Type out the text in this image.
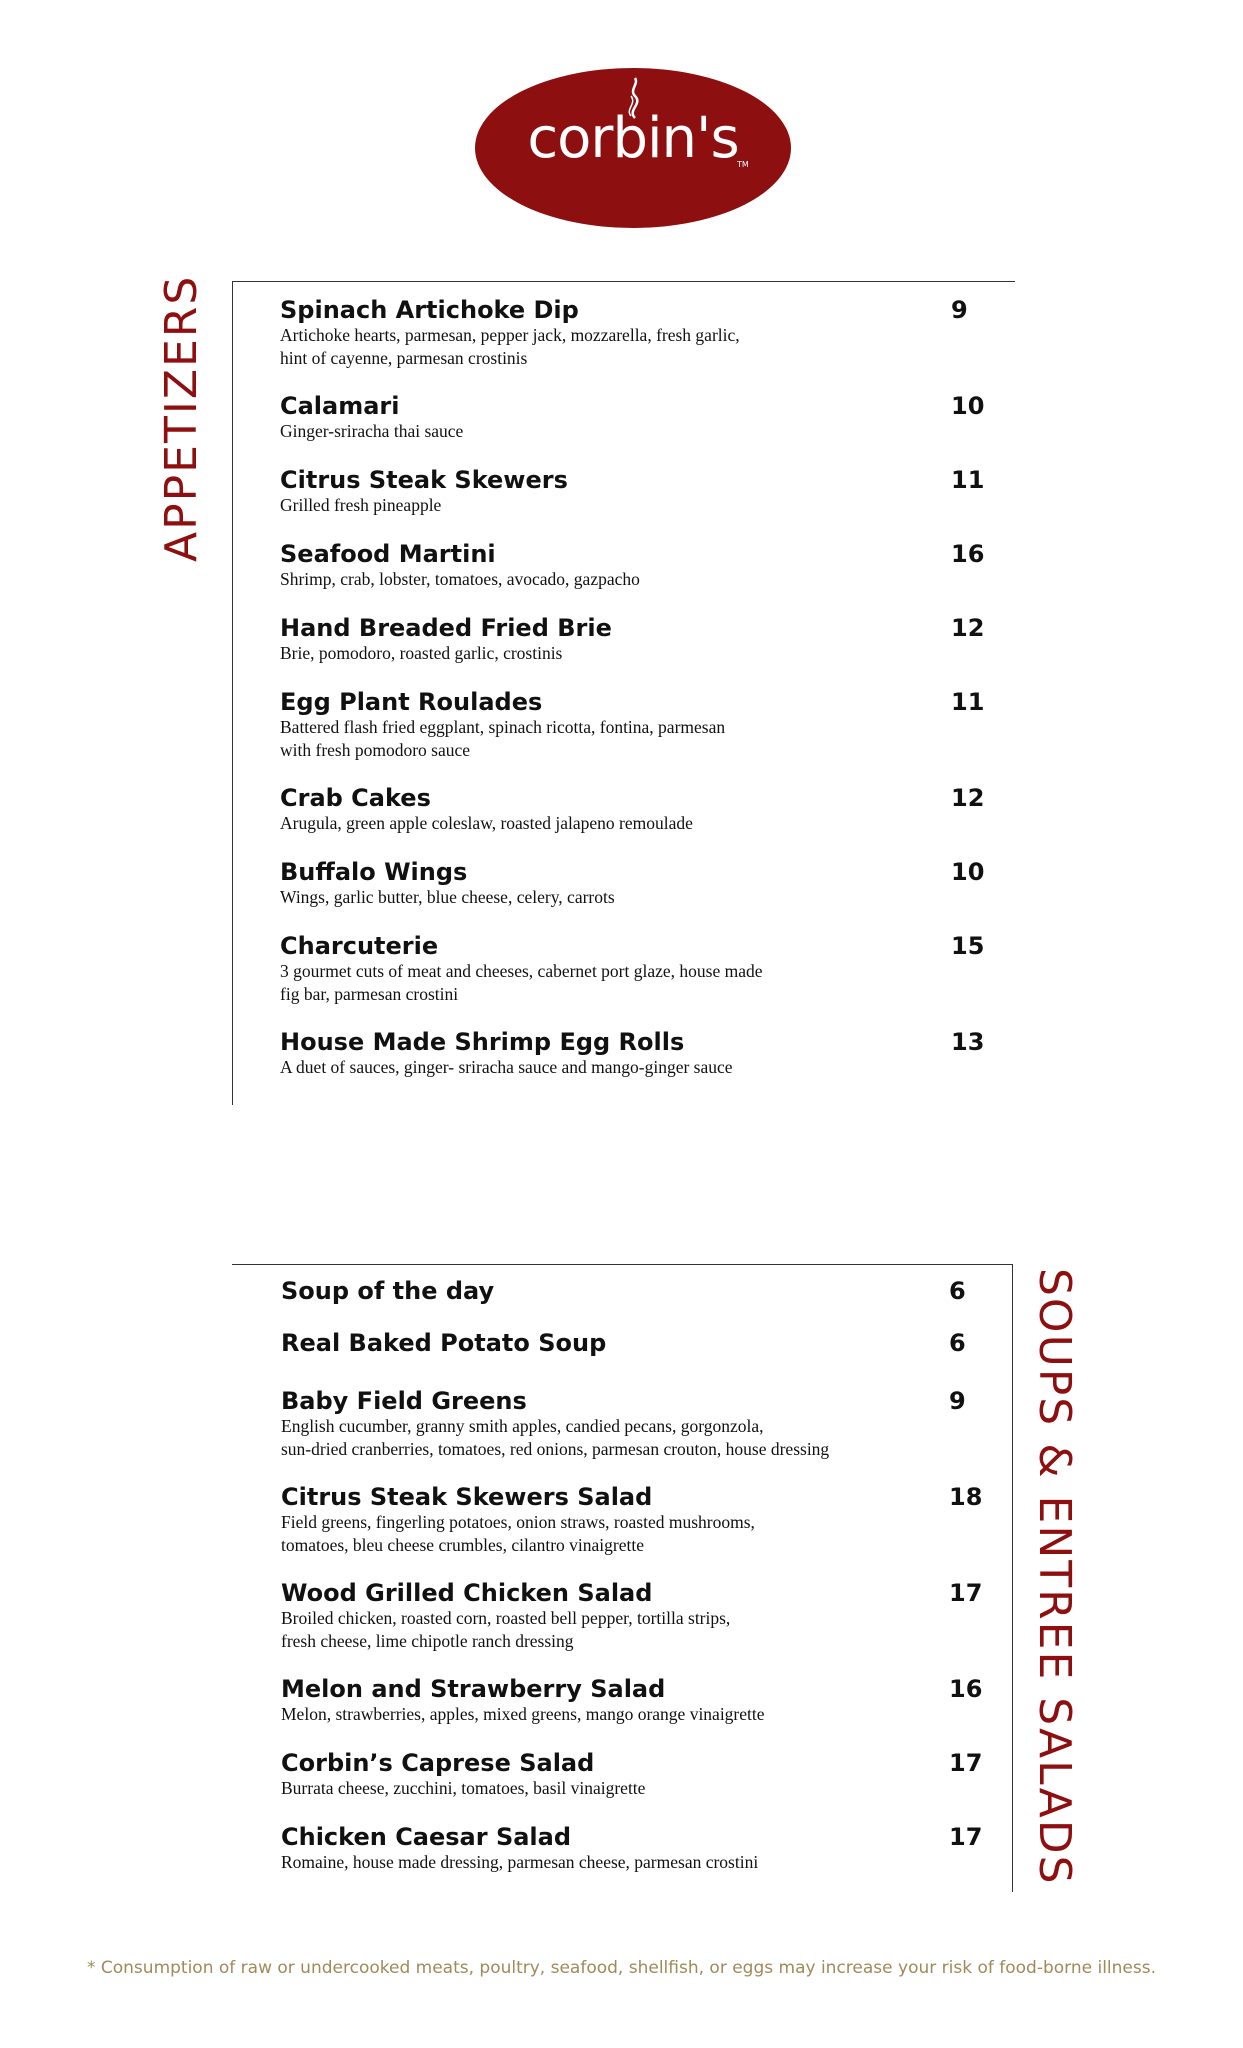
corbin's
TM
APPETIZERS
SOUPS & ENTREE SALADS
Spinach Artichoke Dip	9
Artichoke hearts, parmesan, pepper jack, mozzarella, fresh garlic,
hint of cayenne, parmesan crostinis
Calamari	10
Ginger-sriracha thai sauce
Citrus Steak Skewers	11
Grilled fresh pineapple
Seafood Martini	16
Shrimp, crab, lobster, tomatoes, avocado, gazpacho
Hand Breaded Fried Brie	12
Brie, pomodoro, roasted garlic, crostinis
Egg Plant Roulades	11
Battered flash fried eggplant, spinach ricotta, fontina, parmesan
with fresh pomodoro sauce
Crab Cakes	12
Arugula, green apple coleslaw, roasted jalapeno remoulade
Buffalo Wings	10
Wings, garlic butter, blue cheese, celery, carrots
Charcuterie	15
3 gourmet cuts of meat and cheeses, cabernet port glaze, house made
fig bar, parmesan crostini
House Made Shrimp Egg Rolls	13
A duet of sauces, ginger- sriracha sauce and mango-ginger sauce
Soup of the day	6
Real Baked Potato Soup	6
Baby Field Greens	9
English cucumber, granny smith apples, candied pecans, gorgonzola,
sun-dried cranberries, tomatoes, red onions, parmesan crouton, house dressing
Citrus Steak Skewers Salad	18
Field greens, fingerling potatoes, onion straws, roasted mushrooms,
tomatoes, bleu cheese crumbles, cilantro vinaigrette
Wood Grilled Chicken Salad	17
Broiled chicken, roasted corn, roasted bell pepper, tortilla strips,
fresh cheese, lime chipotle ranch dressing
Melon and Strawberry Salad	16
Melon, strawberries, apples, mixed greens, mango orange vinaigrette
Corbin’s Caprese Salad	17
Burrata cheese, zucchini, tomatoes, basil vinaigrette
Chicken Caesar Salad	17
Romaine, house made dressing, parmesan cheese, parmesan crostini
* Consumption of raw or undercooked meats, poultry, seafood, shellfish, or eggs may increase your risk of food-borne illness.
